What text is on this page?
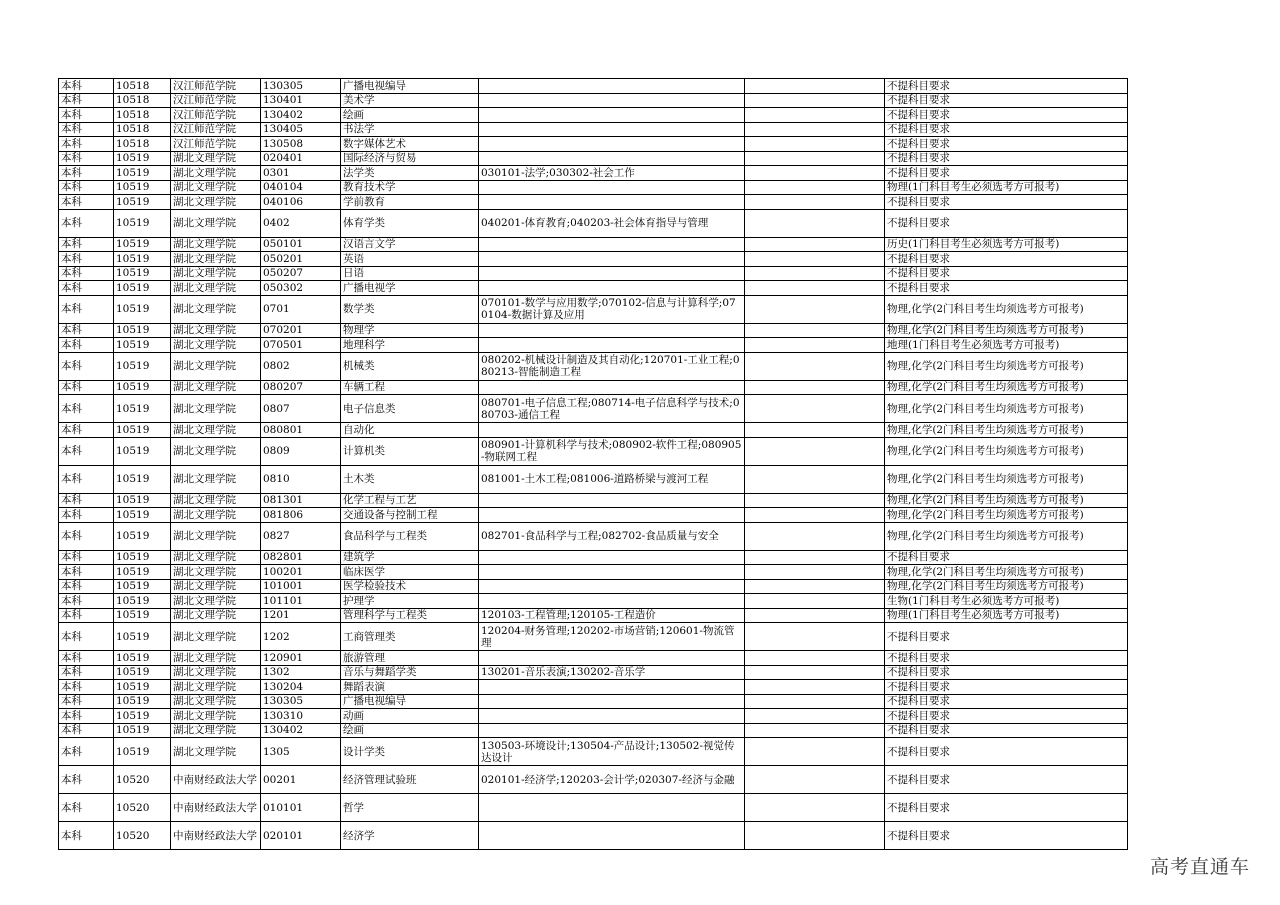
本科	10518	汉江师范学院	130305	广播电视编导			不提科目要求
本科	10518	汉江师范学院	130401	美术学			不提科目要求
本科	10518	汉江师范学院	130402	绘画			不提科目要求
本科	10518	汉江师范学院	130405	书法学			不提科目要求
本科	10518	汉江师范学院	130508	数字媒体艺术			不提科目要求
本科	10519	湖北文理学院	020401	国际经济与贸易			不提科目要求
本科	10519	湖北文理学院	0301	法学类	030101-法学;030302-社会工作		不提科目要求
本科	10519	湖北文理学院	040104	教育技术学			物理(1门科目考生必须选考方可报考)
本科	10519	湖北文理学院	040106	学前教育			不提科目要求
本科	10519	湖北文理学院	0402	体育学类	040201-体育教育;040203-社会体育指导与管理		不提科目要求
本科	10519	湖北文理学院	050101	汉语言文学			历史(1门科目考生必须选考方可报考)
本科	10519	湖北文理学院	050201	英语			不提科目要求
本科	10519	湖北文理学院	050207	日语			不提科目要求
本科	10519	湖北文理学院	050302	广播电视学			不提科目要求
本科	10519	湖北文理学院	0701	数学类	070101-数学与应用数学;070102-信息与计算科学;070104-数据计算及应用		物理,化学(2门科目考生均须选考方可报考)
本科	10519	湖北文理学院	070201	物理学			物理,化学(2门科目考生均须选考方可报考)
本科	10519	湖北文理学院	070501	地理科学			地理(1门科目考生必须选考方可报考)
本科	10519	湖北文理学院	0802	机械类	080202-机械设计制造及其自动化;120701-工业工程;080213-智能制造工程		物理,化学(2门科目考生均须选考方可报考)
本科	10519	湖北文理学院	080207	车辆工程			物理,化学(2门科目考生均须选考方可报考)
本科	10519	湖北文理学院	0807	电子信息类	080701-电子信息工程;080714-电子信息科学与技术;080703-通信工程		物理,化学(2门科目考生均须选考方可报考)
本科	10519	湖北文理学院	080801	自动化			物理,化学(2门科目考生均须选考方可报考)
本科	10519	湖北文理学院	0809	计算机类	080901-计算机科学与技术;080902-软件工程;080905-物联网工程		物理,化学(2门科目考生均须选考方可报考)
本科	10519	湖北文理学院	0810	土木类	081001-土木工程;081006-道路桥梁与渡河工程		物理,化学(2门科目考生均须选考方可报考)
本科	10519	湖北文理学院	081301	化学工程与工艺			物理,化学(2门科目考生均须选考方可报考)
本科	10519	湖北文理学院	081806	交通设备与控制工程			物理,化学(2门科目考生均须选考方可报考)
本科	10519	湖北文理学院	0827	食品科学与工程类	082701-食品科学与工程;082702-食品质量与安全		物理,化学(2门科目考生均须选考方可报考)
本科	10519	湖北文理学院	082801	建筑学			不提科目要求
本科	10519	湖北文理学院	100201	临床医学			物理,化学(2门科目考生均须选考方可报考)
本科	10519	湖北文理学院	101001	医学检验技术			物理,化学(2门科目考生均须选考方可报考)
本科	10519	湖北文理学院	101101	护理学			生物(1门科目考生必须选考方可报考)
本科	10519	湖北文理学院	1201	管理科学与工程类	120103-工程管理;120105-工程造价		物理(1门科目考生必须选考方可报考)
本科	10519	湖北文理学院	1202	工商管理类	120204-财务管理;120202-市场营销;120601-物流管理		不提科目要求
本科	10519	湖北文理学院	120901	旅游管理			不提科目要求
本科	10519	湖北文理学院	1302	音乐与舞蹈学类	130201-音乐表演;130202-音乐学		不提科目要求
本科	10519	湖北文理学院	130204	舞蹈表演			不提科目要求
本科	10519	湖北文理学院	130305	广播电视编导			不提科目要求
本科	10519	湖北文理学院	130310	动画			不提科目要求
本科	10519	湖北文理学院	130402	绘画			不提科目要求
本科	10519	湖北文理学院	1305	设计学类	130503-环境设计;130504-产品设计;130502-视觉传达设计		不提科目要求
本科	10520	中南财经政法大学	00201	经济管理试验班	020101-经济学;120203-会计学;020307-经济与金融		不提科目要求
本科	10520	中南财经政法大学	010101	哲学			不提科目要求
本科	10520	中南财经政法大学	020101	经济学			不提科目要求
高考直通车
